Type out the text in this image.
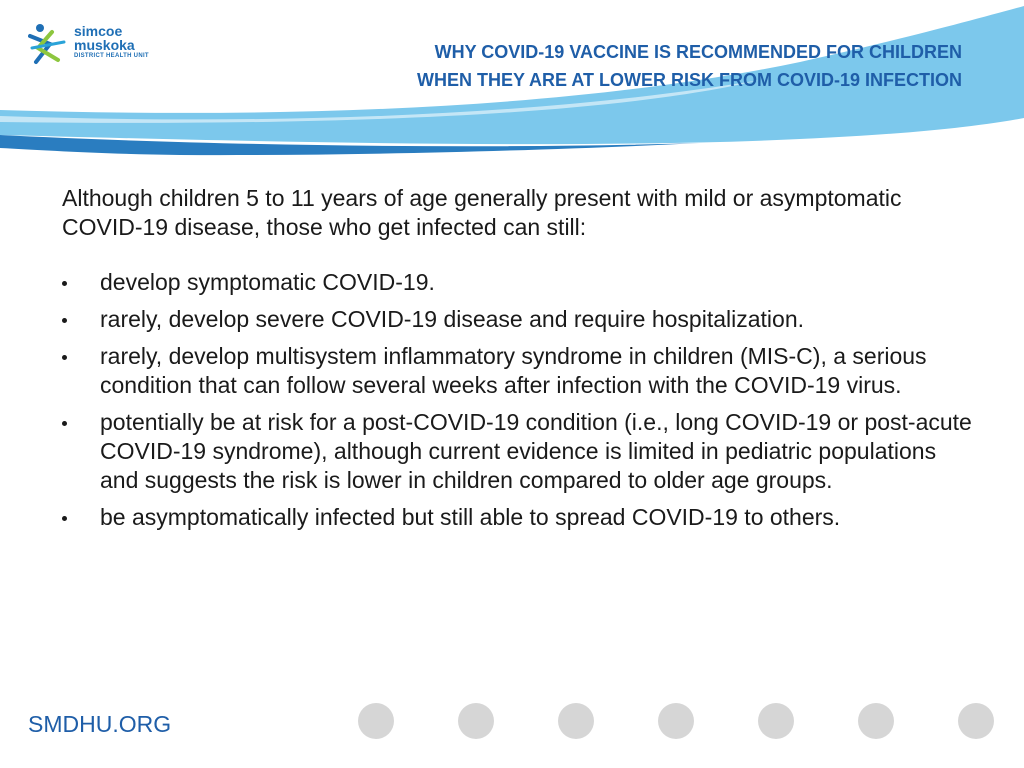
simcoe
muskoka
DISTRICT HEALTH UNIT	WHY COVID-19 VACCINE IS RECOMMENDED FOR CHILDREN
WHEN THEY ARE AT LOWER RISK FROM COVID-19 INFECTION

Although children 5 to 11 years of age generally present with mild or asymptomatic COVID-19 disease, those who get infected can still:

develop symptomatic COVID-19.
rarely, develop severe COVID-19 disease and require hospitalization.
rarely, develop multisystem inflammatory syndrome in children (MIS-C), a serious condition that can follow several weeks after infection with the COVID-19 virus.
potentially be at risk for a post-COVID-19 condition (i.e., long COVID-19 or post-acute COVID-19 syndrome), although current evidence is limited in pediatric populations and suggests the risk is lower in children compared to older age groups.
be asymptomatically infected but still able to spread COVID-19 to others.
SMDHU.ORG
